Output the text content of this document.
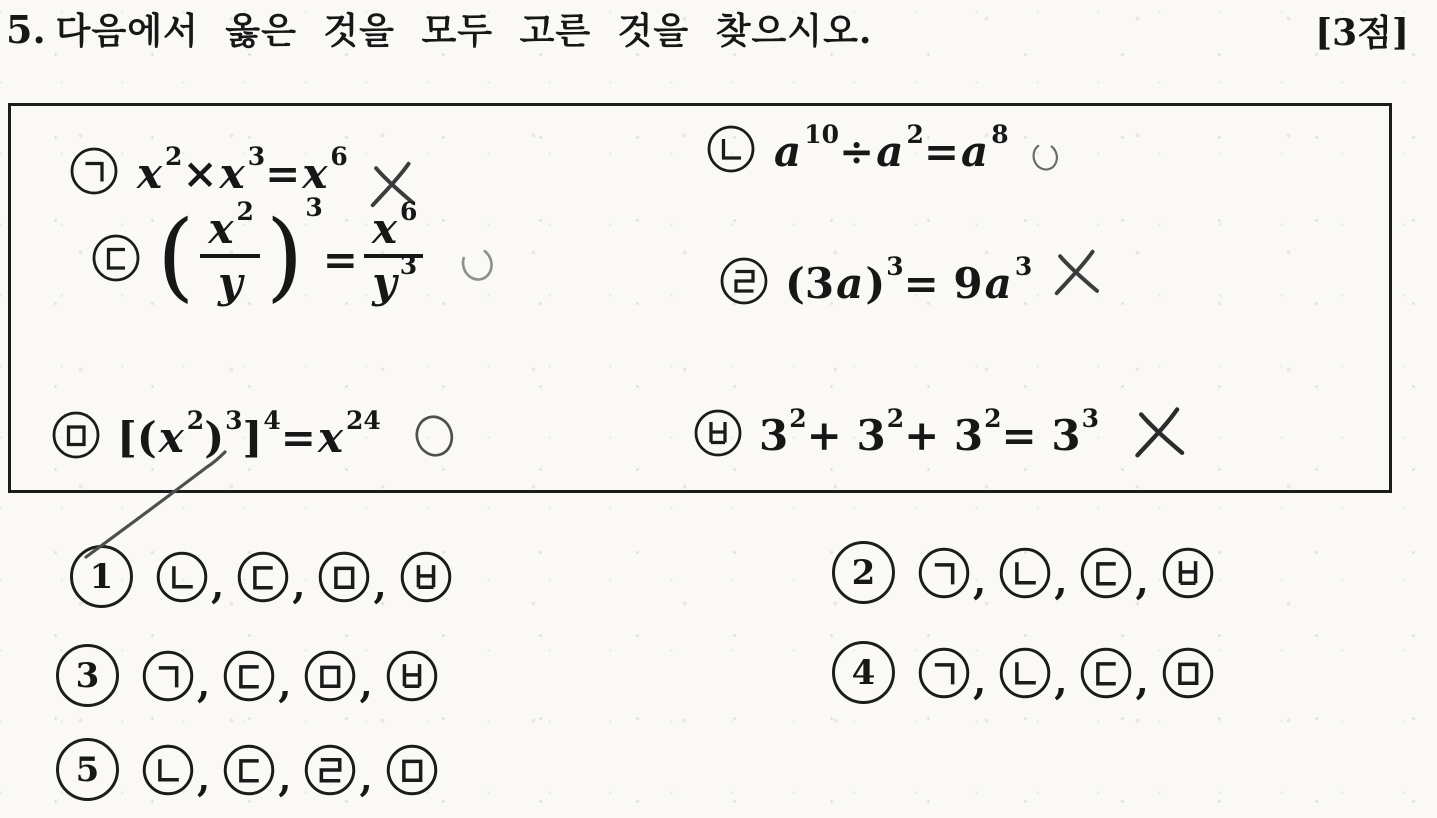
5. 다음에서 옳은 것을 모두 고른 것을 찾으시오.	[3점]
x 2 × x 3 = x 6	a 10 ÷ a 2 = a 8
( $\frac{x 2}{y}$ ) 3
= $\frac{x 6}{y 3}$	(3 a ) 3 = 9 a 3
[( x 2 ) 3 ] 4 = x 24	3 2 + 3 2 + 3 2 = 3 3
1	, , ,	2	, , ,
3	, , ,	4	, , ,
5	, , ,
